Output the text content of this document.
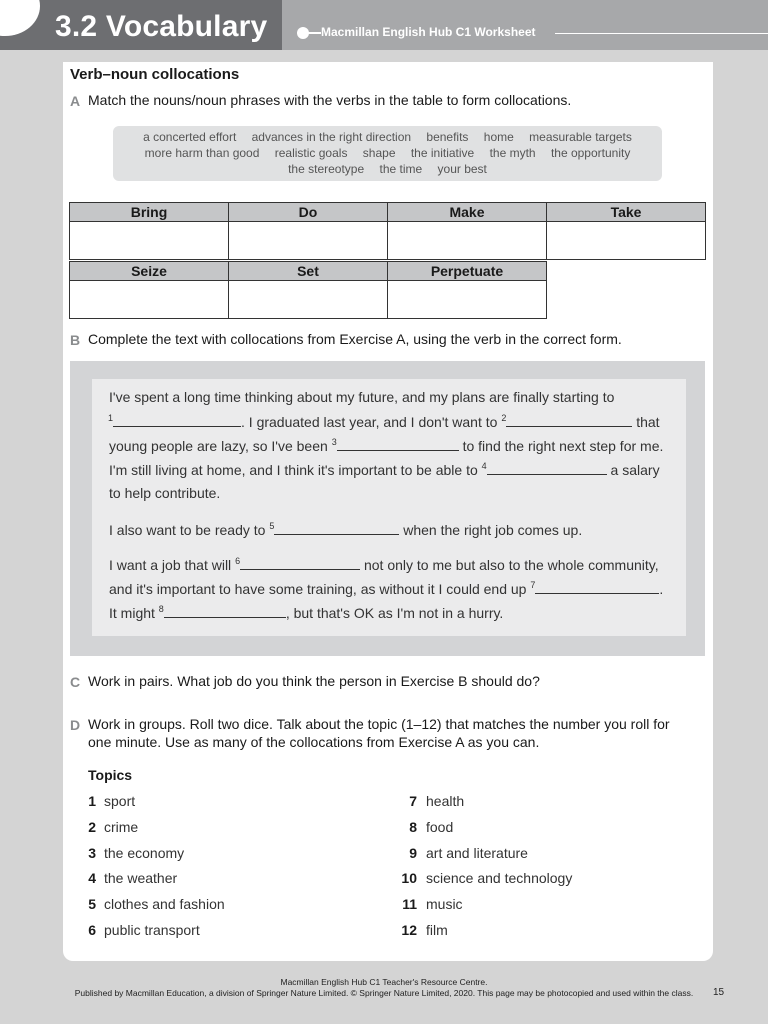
3.2 Vocabulary	Macmillan English Hub C1 Worksheet
Verb–noun collocations
A Match the nouns/noun phrases with the verbs in the table to form collocations.
a concerted effort advances in the right direction benefits home measurable targets
more harm than good realistic goals shape the initiative the myth the opportunity
the stereotype the time your best
Bring	Do	Make	Take

Seize	Set	Perpetuate

B Complete the text with collocations from Exercise A, using the verb in the correct form.
I've spent a long time thinking about my future, and my plans are finally starting to
$^1$	. I graduated last year, and I don't want to $^2$	that
young people are lazy, so I've been $^3$	to find the right next step for me.
I'm still living at home, and I think it's important to be able to $^4$	a salary
to help contribute.
I also want to be ready to $^5$	when the right job comes up.
I want a job that will $^6$	not only to me but also to the whole community,
and it's important to have some training, as without it I could end up $^7$	.
It might $^8$	, but that's OK as I'm not in a hurry.
C Work in pairs. What job do you think the person in Exercise B should do?
D Work in groups. Roll two dice. Talk about the topic (1–12) that matches the number you roll for
one minute. Use as many of the collocations from Exercise A as you can.
Topics
1 sport
2 crime
3 the economy
4 the weather
5 clothes and fashion
6 public transport
7 health
8 food
9 art and literature
10 science and technology
11 music
12 film
Macmillan English Hub C1 Teacher's Resource Centre.
Published by Macmillan Education, a division of Springer Nature Limited. © Springer Nature Limited, 2020. This page may be photocopied and used within the class.	15
